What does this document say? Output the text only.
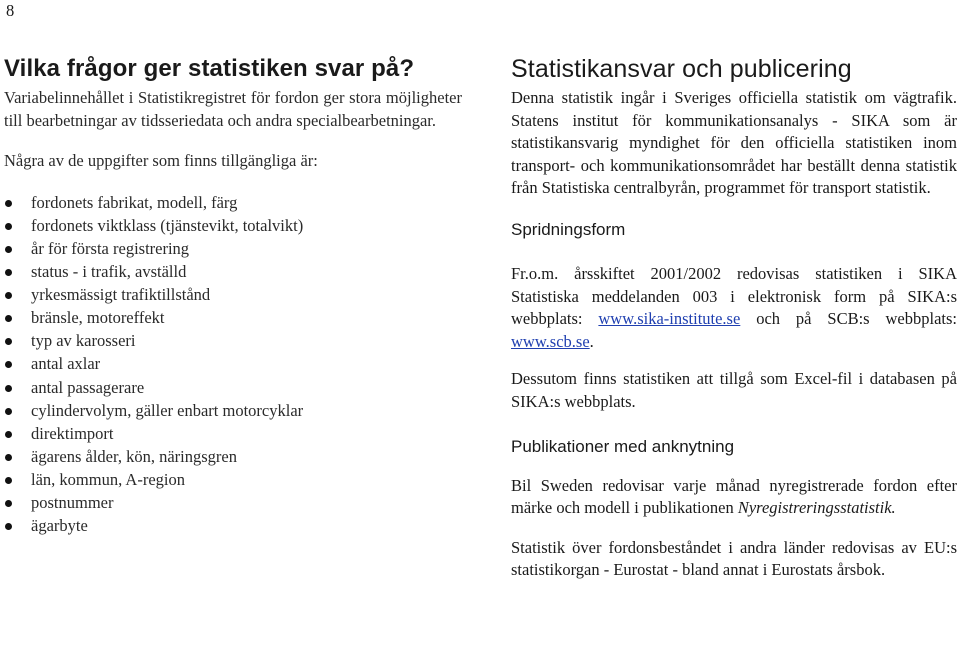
8
Vilka frågor ger statistiken svar på?

Variabelinnehållet i Statistikregistret för fordon ger stora möjligheter till bearbetningar av tidsseriedata och andra specialbearbetningar.

Några av de uppgifter som finns tillgängliga är:

fordonets fabrikat, modell, färg
fordonets viktklass (tjänstevikt, totalvikt)
år för första registrering
status - i trafik, avställd
yrkesmässigt trafiktillstånd
bränsle, motoreffekt
typ av karosseri
antal axlar
antal passagerare
cylindervolym, gäller enbart motorcyklar
direktimport
ägarens ålder, kön, näringsgren
län, kommun, A-region
postnummer
ägarbyte
Statistikansvar och publicering

Denna statistik ingår i Sveriges officiella statistik om vägtrafik. Statens institut för kommunikationsanalys - SIKA som är statistikansvarig myndighet för den officiella statistiken inom transport- och kommunikationsområdet har beställt denna statistik från Statistiska centralbyrån, programmet för transport statistik.

Spridningsform

Fr.o.m. årsskiftet 2001/2002 redovisas statistiken i SIKA Statistiska meddelanden 003 i elektronisk form på SIKA:s webbplats: www.sika-institute.se och på SCB:s webbplats: www.scb.se.

Dessutom finns statistiken att tillgå som Excel-fil i databasen på SIKA:s webbplats.

Publikationer med anknytning

Bil Sweden redovisar varje månad nyregistrerade fordon efter märke och modell i publikationen Nyregistreringsstatistik.

Statistik över fordonsbeståndet i andra länder redovisas av EU:s statistikorgan - Eurostat - bland annat i Eurostats årsbok.
